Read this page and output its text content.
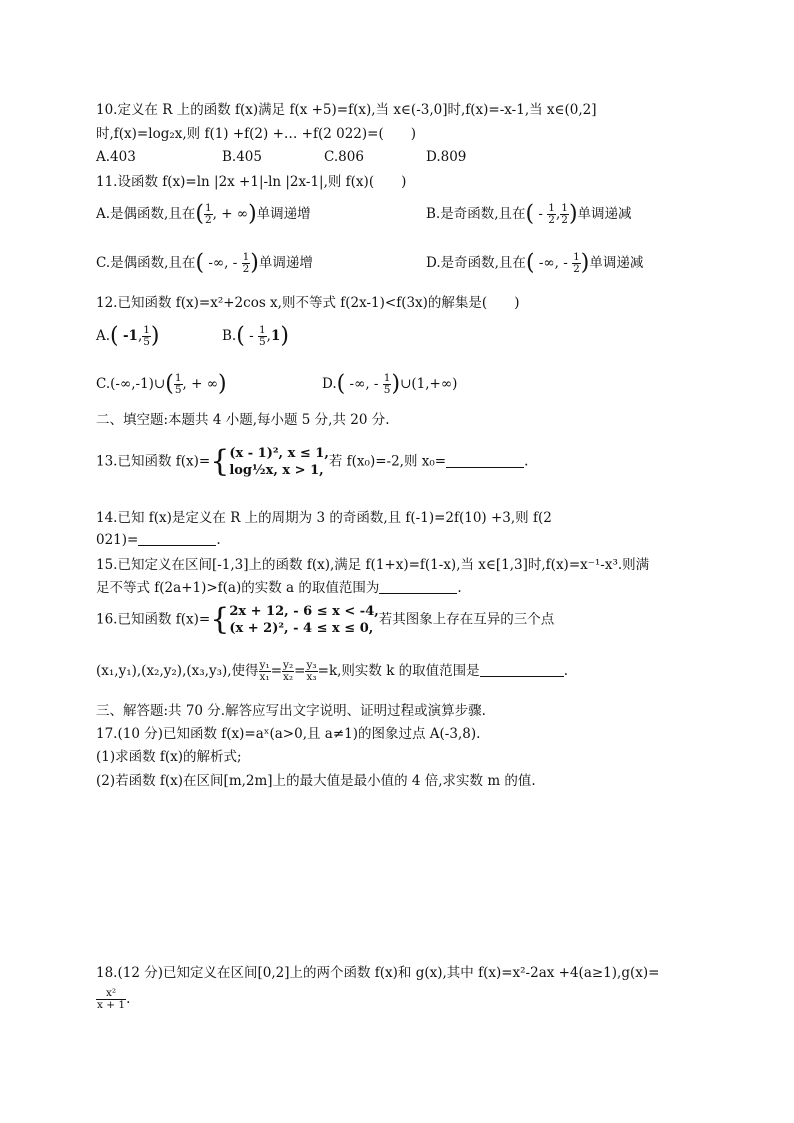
10.定义在 R 上的函数 f(x)满足 f(x +5)=f(x),当 x∈(-3,0]时,f(x)=-x-1,当 x∈(0,2]
时,f(x)=log₂x,则 f(1) +f(2) +… +f(2 022)=(　　)
A.403	B.405	C.806	D.809
11.设函数 f(x)=ln |2x +1|-ln |2x-1|,则 f(x)(　　)
A.是偶函数,且在( $\frac{1}{2}$ , + ∞)单调递增	B.是奇函数,且在( - $\frac{1}{2}$ , $\frac{1}{2}$ )单调递减
C.是偶函数,且在( -∞, - $\frac{1}{2}$ )单调递增	D.是奇函数,且在( -∞, - $\frac{1}{2}$ )单调递减
12.已知函数 f(x)=x²+2cos x,则不等式 f(2x-1)<f(3x)的解集是(　　)
A.( -1, $\frac{1}{5}$ )	$B.( - \frac{1}{5} ,1)$
C.(-∞,-1)∪( $\frac{1}{5}$ , + ∞)	D.( -∞, - $\frac{1}{5}$ )∪(1,+∞)
二、填空题:本题共 4 小题,每小题 5 分,共 20 分.
13.已知函数 f(x)={(x - 1)², x ≤ 1,
log½x, x > 1,若 f(x₀)=-2,则 x₀=	.
14.已知 f(x)是定义在 R 上的周期为 3 的奇函数,且 f(-1)=2f(10) +3,则 f(2
021)=	.
15.已知定义在区间[-1,3]上的函数 f(x),满足 f(1+x)=f(1-x),当 x∈[1,3]时,f(x)=x⁻¹-x³.则满
足不等式 f(2a+1)>f(a)的实数 a 的取值范围为	.
16.已知函数 f(x)={2x + 12, - 6 ≤ x < -4,
(x + 2)², - 4 ≤ x ≤ 0,若其图象上存在互异的三个点
(x₁,y₁),(x₂,y₂),(x₃,y₃),使得 $\frac{\text{y₁}}{\text{x₁}} = \frac{\text{y₂}}{\text{x₂}} = \frac{\text{y₃}}{\text{x₃}} =k$,则实数 k 的取值范围是	.
三、解答题:共 70 分.解答应写出文字说明、证明过程或演算步骤.
17.(10 分)已知函数 f(x)=aˣ(a>0,且 a≠1)的图象过点 A(-3,8).
(1)求函数 f(x)的解析式;
(2)若函数 f(x)在区间[m,2m]上的最大值是最小值的 4 倍,求实数 m 的值.
18.(12 分)已知定义在区间[0,2]上的两个函数 f(x)和 g(x),其中 f(x)=x²-2ax +4(a≥1),g(x)=
$\frac{\text{x²}}{x + 1}$ .
